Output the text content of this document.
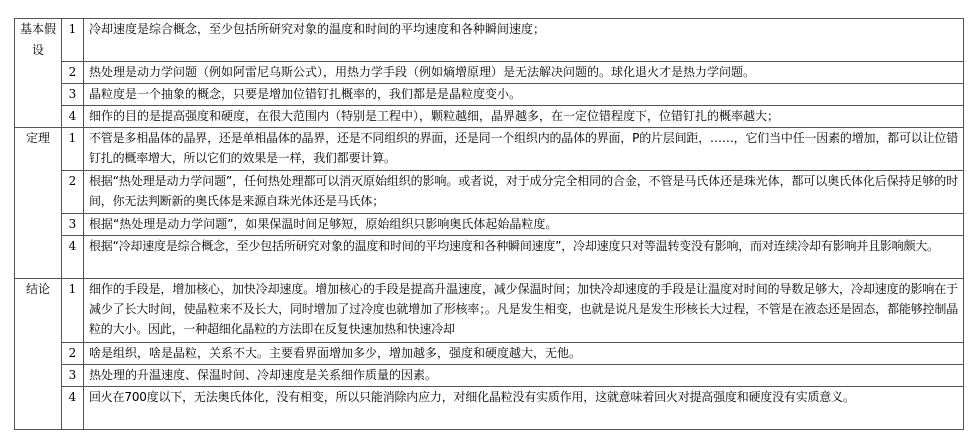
基本假设	1	冷却速度是综合概念，至少包括所研究对象的温度和时间的平均速度和各种瞬间速度；
	2	热处理是动力学问题（例如阿雷尼乌斯公式），用热力学手段（例如熵增原理）是无法解决问题的。球化退火才是热力学问题。
	3	晶粒度是一个抽象的概念，只要是增加位错钉扎概率的，我们都是是晶粒度变小。
	4	细作的目的是提高强度和硬度，在很大范围内（特别是工程中），颗粒越细，晶界越多，在一定位错程度下，位错钉扎的概率越大；
定理	1	不管是多相晶体的晶界，还是单相晶体的晶界，还是不同组织的界面，还是同一个组织内的晶体的界面，P的片层间距，……，它们当中任一因素的增加，都可以让位错钉扎的概率增大，所以它们的效果是一样，我们都要计算。
	2	根据“热处理是动力学问题”，任何热处理都可以消灭原始组织的影响。或者说，对于成分完全相同的合金，不管是马氏体还是珠光体，都可以奥氏体化后保持足够的时间，你无法判断新的奥氏体是来源自珠光体还是马氏体；
	3	根据“热处理是动力学问题”，如果保温时间足够短，原始组织只影响奥氏体起始晶粒度。
	4	根据“冷却速度是综合概念，至少包括所研究对象的温度和时间的平均速度和各种瞬间速度”，冷却速度只对等温转变没有影响，而对连续冷却有影响并且影响颇大。
结论	1	细作的手段是，增加核心，加快冷却速度。增加核心的手段是提高升温速度，减少保温时间；加快冷却速度的手段是让温度对时间的导数足够大，冷却速度的影响在于减少了长大时间，使晶粒来不及长大，同时增加了过冷度也就增加了形核率；。凡是发生相变，也就是说凡是发生形核长大过程，不管是在液态还是固态，都能够控制晶粒的大小。因此，一种超细化晶粒的方法即在反复快速加热和快速冷却
	2	啥是组织，啥是晶粒，关系不大。主要看界面增加多少，增加越多，强度和硬度越大，无他。
	3	热处理的升温速度、保温时间、冷却速度是关系细作质量的因素。
	4	回火在700度以下，无法奥氏体化，没有相变，所以只能消除内应力，对细化晶粒没有实质作用，这就意味着回火对提高强度和硬度没有实质意义。
